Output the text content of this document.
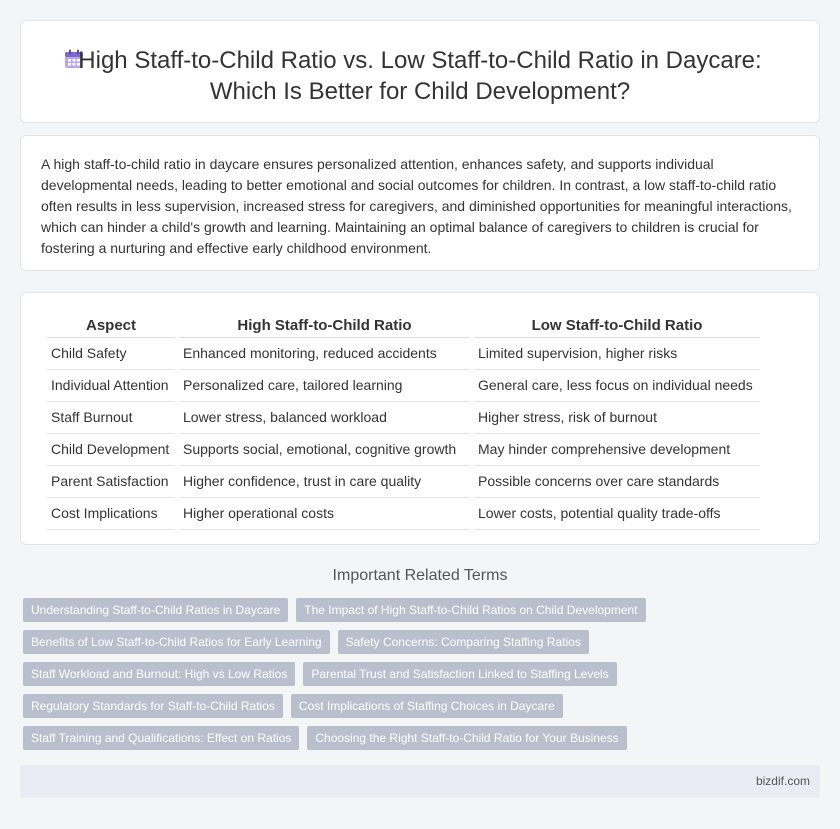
High Staff-to-Child Ratio vs. Low Staff-to-Child Ratio in Daycare:
Which Is Better for Child Development?

A high staff-to-child ratio in daycare ensures personalized attention, enhances safety, and supports individual developmental needs, leading to better emotional and social outcomes for children. In contrast, a low staff-to-child ratio often results in less supervision, increased stress for caregivers, and diminished opportunities for meaningful interactions, which can hinder a child's growth and learning. Maintaining an optimal balance of caregivers to children is crucial for fostering a nurturing and effective early childhood environment.

Aspect	High Staff-to-Child Ratio	Low Staff-to-Child Ratio
Child Safety	Enhanced monitoring, reduced accidents	Limited supervision, higher risks
Individual Attention	Personalized care, tailored learning	General care, less focus on individual needs
Staff Burnout	Lower stress, balanced workload	Higher stress, risk of burnout
Child Development	Supports social, emotional, cognitive growth	May hinder comprehensive development
Parent Satisfaction	Higher confidence, trust in care quality	Possible concerns over care standards
Cost Implications	Higher operational costs	Lower costs, potential quality trade-offs
Important Related Terms
Understanding Staff-to-Child Ratios in Daycare	The Impact of High Staff-to-Child Ratios on Child Development
Benefits of Low Staff-to-Child Ratios for Early Learning	Safety Concerns: Comparing Staffing Ratios
Staff Workload and Burnout: High vs Low Ratios	Parental Trust and Satisfaction Linked to Staffing Levels
Regulatory Standards for Staff-to-Child Ratios	Cost Implications of Staffing Choices in Daycare
Staff Training and Qualifications: Effect on Ratios	Choosing the Right Staff-to-Child Ratio for Your Business
bizdif.com
